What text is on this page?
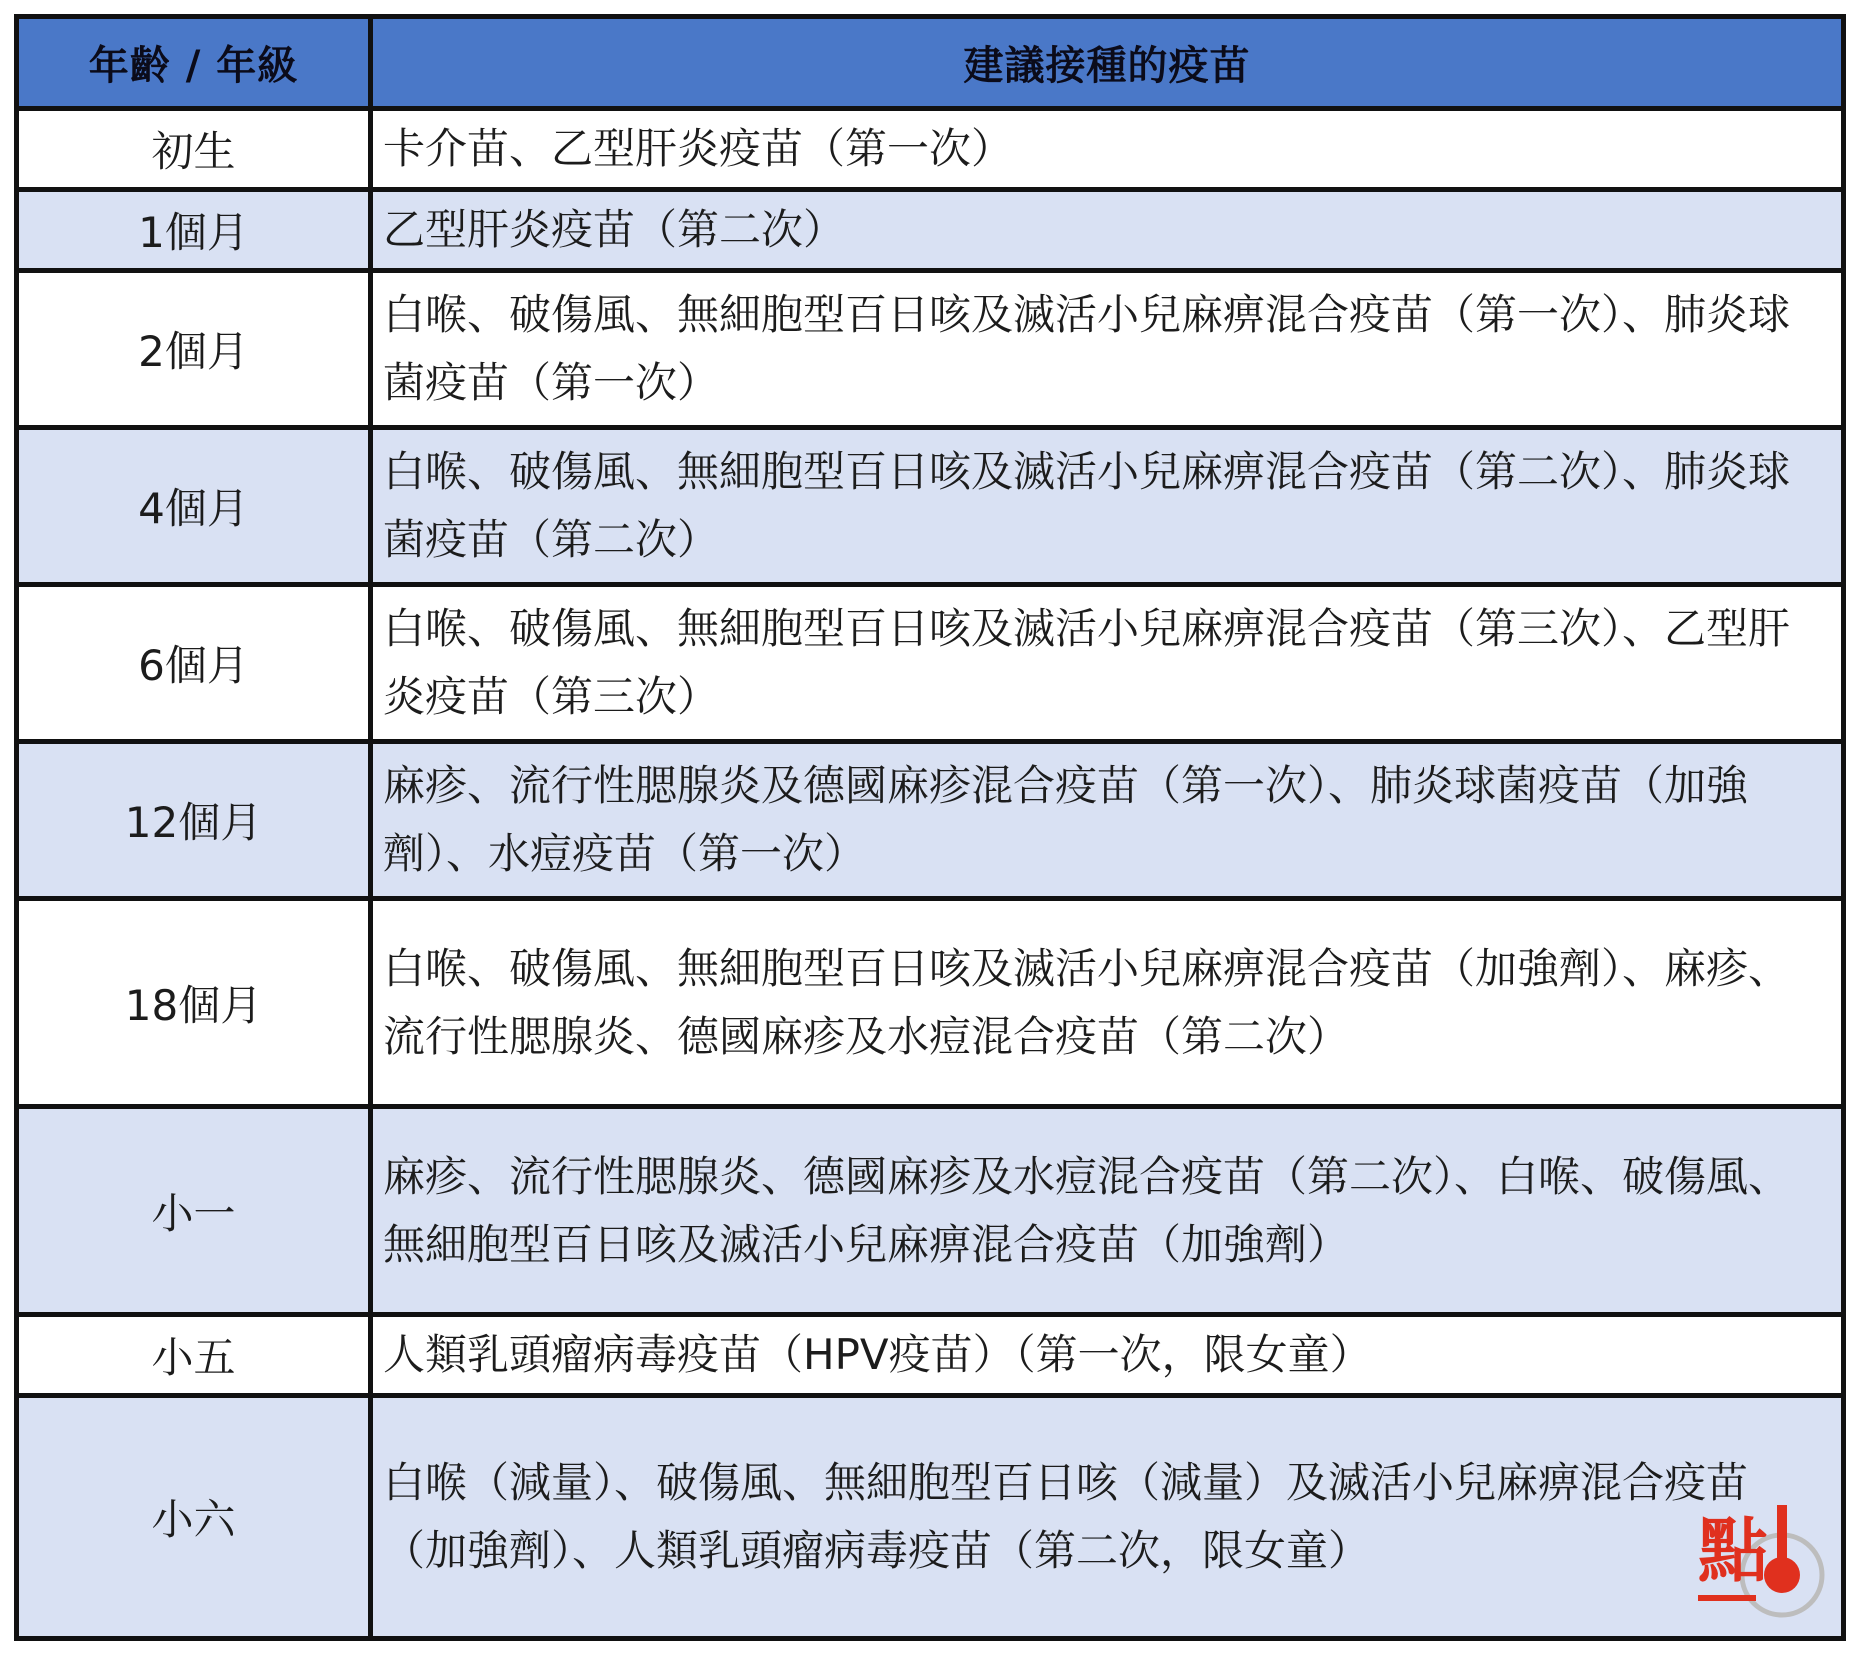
年齡 / 年級	建議接種的疫苗
初生	卡介苗、乙型肝炎疫苗（第一次）
1個月	乙型肝炎疫苗（第二次）
2個月	白喉、破傷風、無細胞型百日咳及滅活小兒麻痹混合疫苗（第一次）、肺炎球菌疫苗（第一次）
4個月	白喉、破傷風、無細胞型百日咳及滅活小兒麻痹混合疫苗（第二次）、肺炎球菌疫苗（第二次）
6個月	白喉、破傷風、無細胞型百日咳及滅活小兒麻痹混合疫苗（第三次）、乙型肝炎疫苗（第三次）
12個月	麻疹、流行性腮腺炎及德國麻疹混合疫苗（第一次）、肺炎球菌疫苗（加強劑）、水痘疫苗（第一次）
18個月	白喉、破傷風、無細胞型百日咳及滅活小兒麻痹混合疫苗（加強劑）、麻疹、流行性腮腺炎、德國麻疹及水痘混合疫苗（第二次）
小一	麻疹、流行性腮腺炎、德國麻疹及水痘混合疫苗（第二次）、白喉、破傷風、無細胞型百日咳及滅活小兒麻痹混合疫苗（加強劑）
小五	人類乳頭瘤病毒疫苗（HPV疫苗）（第一次，限女童）
小六	白喉（減量）、破傷風、無細胞型百日咳（減量）及滅活小兒麻痹混合疫苗（加強劑）、人類乳頭瘤病毒疫苗（第二次，限女童）	點
